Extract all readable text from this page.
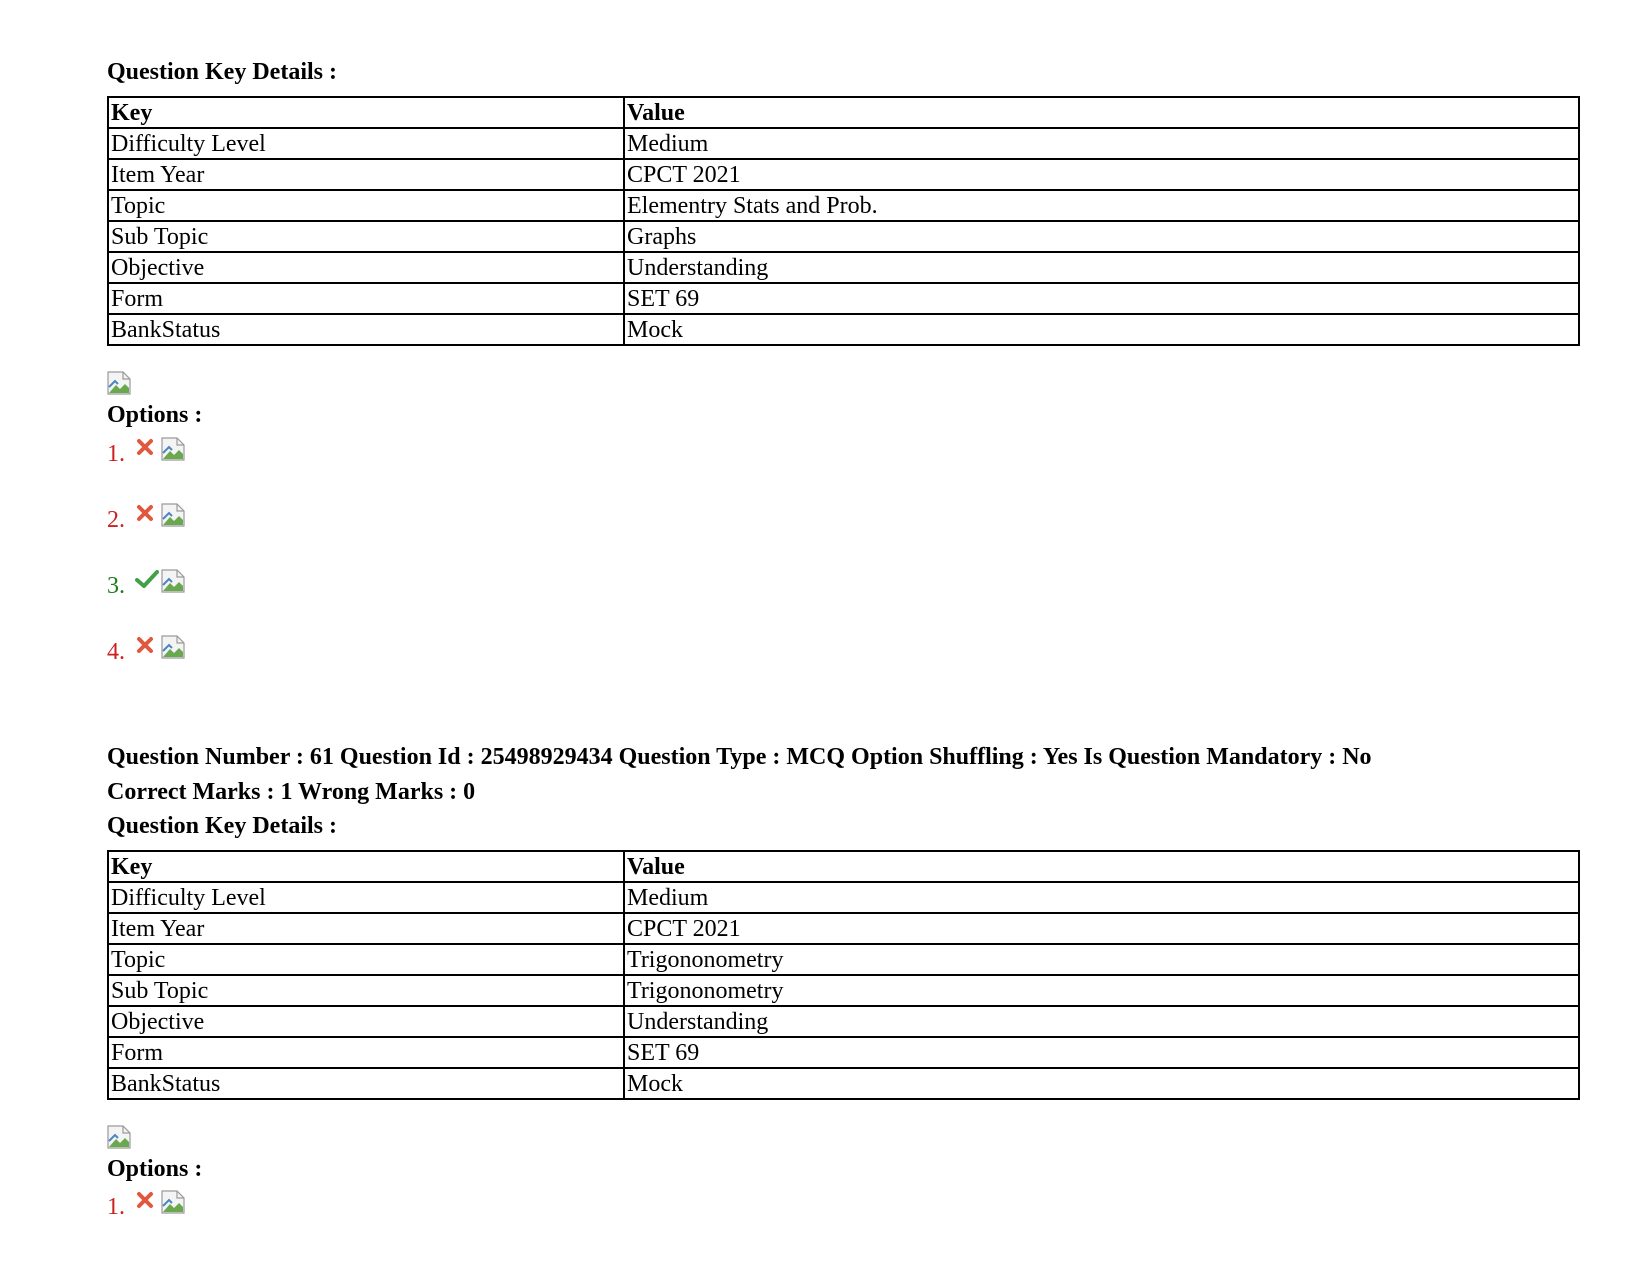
Question Key Details :
Key	Value
Difficulty Level	Medium
Item Year	CPCT 2021
Topic	Elementry Stats and Prob.
Sub Topic	Graphs
Objective	Understanding
Form	SET 69
BankStatus	Mock
Options :
1.
2.
3.
4.
Question Number : 61 Question Id : 25498929434 Question Type : MCQ Option Shuffling : Yes Is Question Mandatory : No
Correct Marks : 1 Wrong Marks : 0
Question Key Details :
Key	Value
Difficulty Level	Medium
Item Year	CPCT 2021
Topic	Trigononometry
Sub Topic	Trigononometry
Objective	Understanding
Form	SET 69
BankStatus	Mock
Options :
1.
